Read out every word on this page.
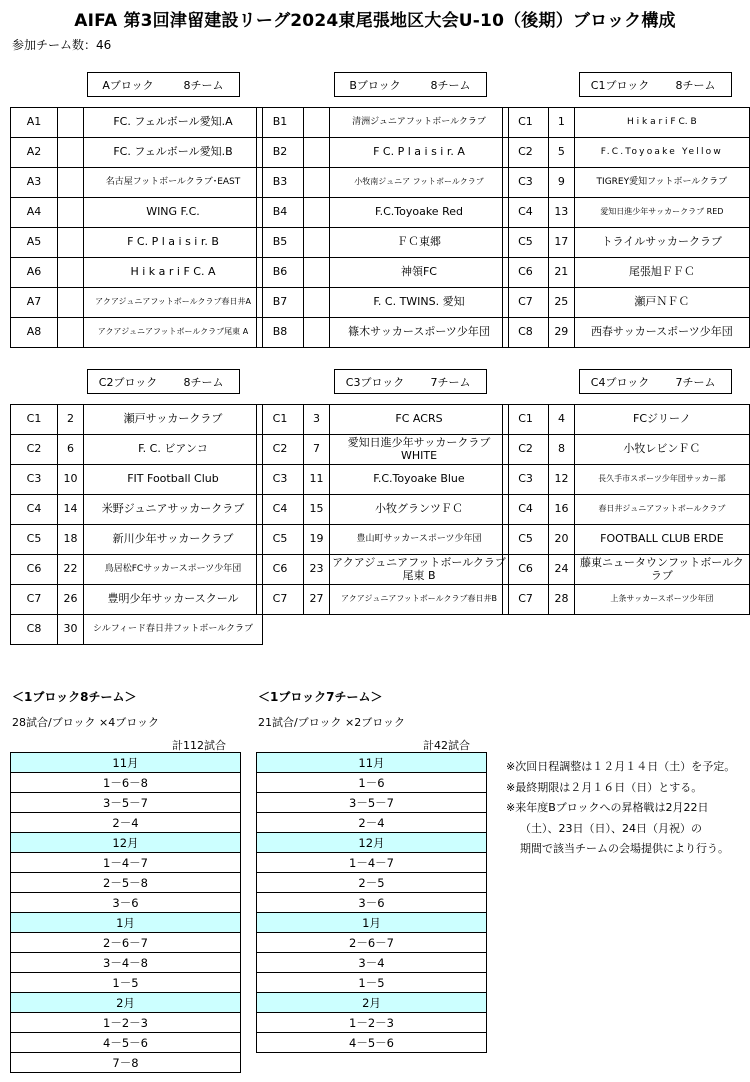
AIFA 第3回津留建設リーグ2024東尾張地区大会U-10（後期）ブロック構成
参加チーム数：46
Aブロック	8チーム	Bブロック	8チーム	C1ブロック	8チーム
C2ブロック	8チーム	C3ブロック	7チーム	C4ブロック	7チーム
A1		FC. フェルボール愛知.A
A2		FC. フェルボール愛知.B
A3		名古屋フットボールクラブ･EAST
A4		WING F.C.
A5		F C. P l a i s i r. B
A6		H i k a r i F C. A
A7		アクアジュニアフットボールクラブ春日井A
A8		アクアジュニアフットボールクラブ尾東 A
B1		清洲ジュニアフットボールクラブ
B2		F C. P l a i s i r. A
B3		小牧南ジュニア フットボールクラブ
B4		F.C.Toyoake Red
B5		ＦＣ東郷
B6		神領FC
B7		F. C. TWINS. 愛知
B8		篠木サッカースポーツ少年団
C1	1	H i k a r i F C. B
C2	5	F.C.Toyoake Yellow
C3	9	TIGREY愛知フットボールクラブ
C4	13	愛知日進少年サッカークラブ RED
C5	17	トライルサッカークラブ
C6	21	尾張旭ＦＦＣ
C7	25	瀬戸ＮＦＣ
C8	29	西春サッカースポーツ少年団
C1	2	瀬戸サッカークラブ
C2	6	F. C. ビアンコ
C3	10	FIT Football Club
C4	14	米野ジュニアサッカークラブ
C5	18	新川少年サッカークラブ
C6	22	鳥居松FCサッカースポーツ少年団
C7	26	豊明少年サッカースクール
C8	30	シルフィード春日井フットボールクラブ
C1	3	FC ACRS
C2	7	愛知日進少年サッカークラブ WHITE
C3	11	F.C.Toyoake Blue
C4	15	小牧グランツＦＣ
C5	19	豊山町サッカースポーツ少年団
C6	23	アクアジュニアフットボールクラブ尾東 B
C7	27	アクアジュニアフットボールクラブ春日井B
C1	4	FCジリーノ
C2	8	小牧レビンＦＣ
C3	12	長久手市スポーツ少年団サッカー部
C4	16	春日井ジュニアフットボールクラブ
C5	20	FOOTBALL CLUB ERDE
C6	24	藤東ニュータウンフットボールクラブ
C7	28	上条サッカースポーツ少年団
＜1ブロック8チーム＞
28試合/ブロック ×4ブロック
計112試合
11月
1－6－8
3－5－7
2－4
12月
1－4－7
2－5－8
3－6
1月
2－6－7
3－4－8
1－5
2月
1－2－3
4－5－6
7－8
＜1ブロック7チーム＞
21試合/ブロック ×2ブロック
計42試合
11月
1－6
3－5－7
2－4
12月
1－4－7
2－5
3－6
1月
2－6－7
3－4
1－5
2月
1－2－3
4－5－6
※次回日程調整は１２月１４日（土）を予定。
※最終期限は２月１６日（日）とする。
※来年度Bブロックへの昇格戦は2月22日
（土）、23日（日）、24日（月祝）の
期間で該当チームの会場提供により行う。
